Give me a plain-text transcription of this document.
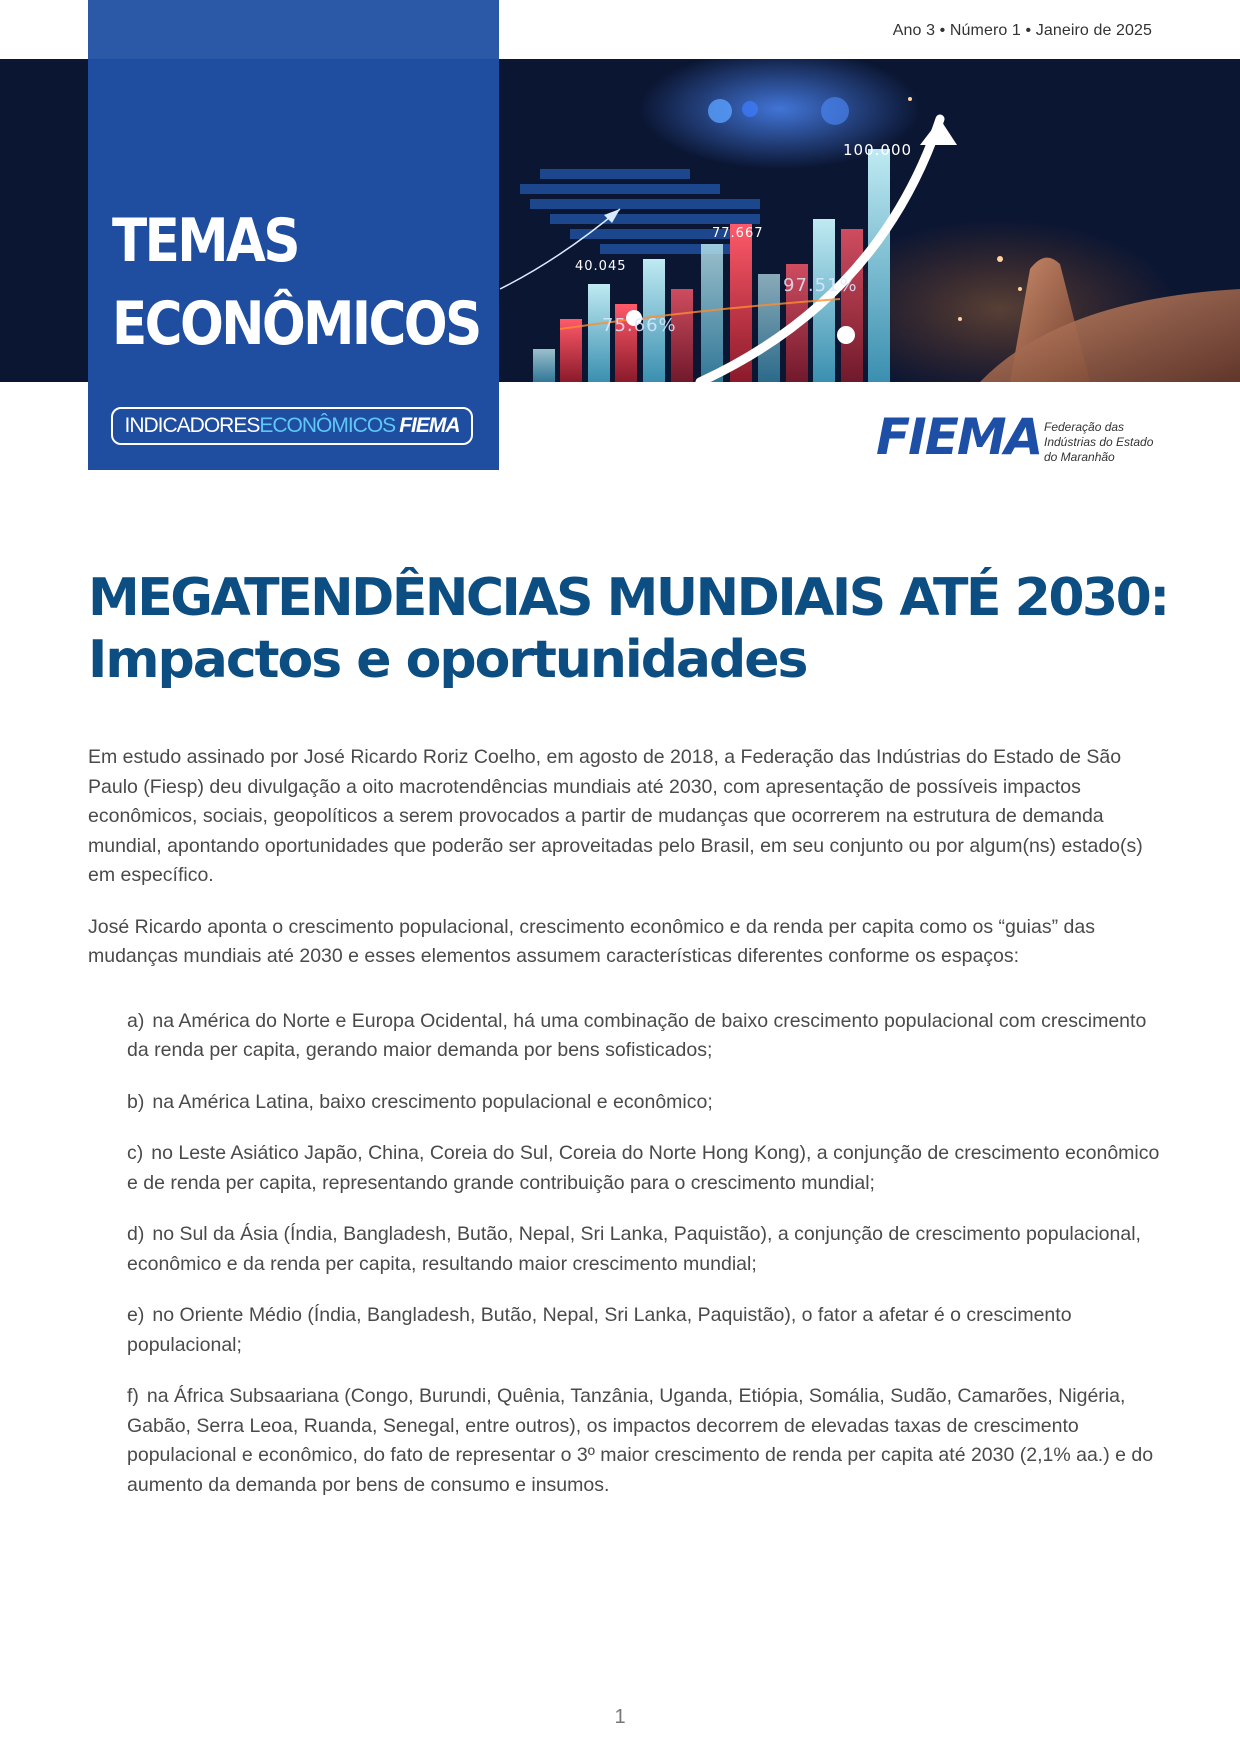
Ano 3 • Número 1 • Janeiro de 2025
100.000
77.667
40.045
97.51%
75.66%
TEMAS
ECONÔMICOS
INDICADORES ECONÔMICOS FIEMA	FIEMA Federação das
Indústrias do Estado
do Maranhão
MEGATENDÊNCIAS MUNDIAIS ATÉ 2030:
Impactos e oportunidades

Em estudo assinado por José Ricardo Roriz Coelho, em agosto de 2018, a Federação das Indústrias do Estado de São Paulo (Fiesp) deu divulgação a oito macrotendências mundiais até 2030, com apresentação de possíveis impactos econômicos, sociais, geopolíticos a serem provocados a partir de mudanças que ocorrerem na estrutura de demanda mundial, apontando oportunidades que poderão ser aproveitadas pelo Brasil, em seu conjunto ou por algum(ns) estado(s) em específico.

José Ricardo aponta o crescimento populacional, crescimento econômico e da renda per capita como os “guias” das mudanças mundiais até 2030 e esses elementos assumem características diferentes conforme os espaços:

a) na América do Norte e Europa Ocidental, há uma combinação de baixo crescimento populacional com crescimento da renda per capita, gerando maior demanda por bens sofisticados;
b) na América Latina, baixo crescimento populacional e econômico;
c) no Leste Asiático Japão, China, Coreia do Sul, Coreia do Norte Hong Kong), a conjunção de crescimento econômico e de renda per capita, representando grande contribuição para o crescimento mundial;
d) no Sul da Ásia (Índia, Bangladesh, Butão, Nepal, Sri Lanka, Paquistão), a conjunção de crescimento populacional, econômico e da renda per capita, resultando maior crescimento mundial;
e) no Oriente Médio (Índia, Bangladesh, Butão, Nepal, Sri Lanka, Paquistão), o fator a afetar é o crescimento populacional;
f) na África Subsaariana (Congo, Burundi, Quênia, Tanzânia, Uganda, Etiópia, Somália, Sudão, Camarões, Nigéria, Gabão, Serra Leoa, Ruanda, Senegal, entre outros), os impactos decorrem de elevadas taxas de crescimento populacional e econômico, do fato de representar o 3º maior crescimento de renda per capita até 2030 (2,1% aa.) e do aumento da demanda por bens de consumo e insumos.
1
